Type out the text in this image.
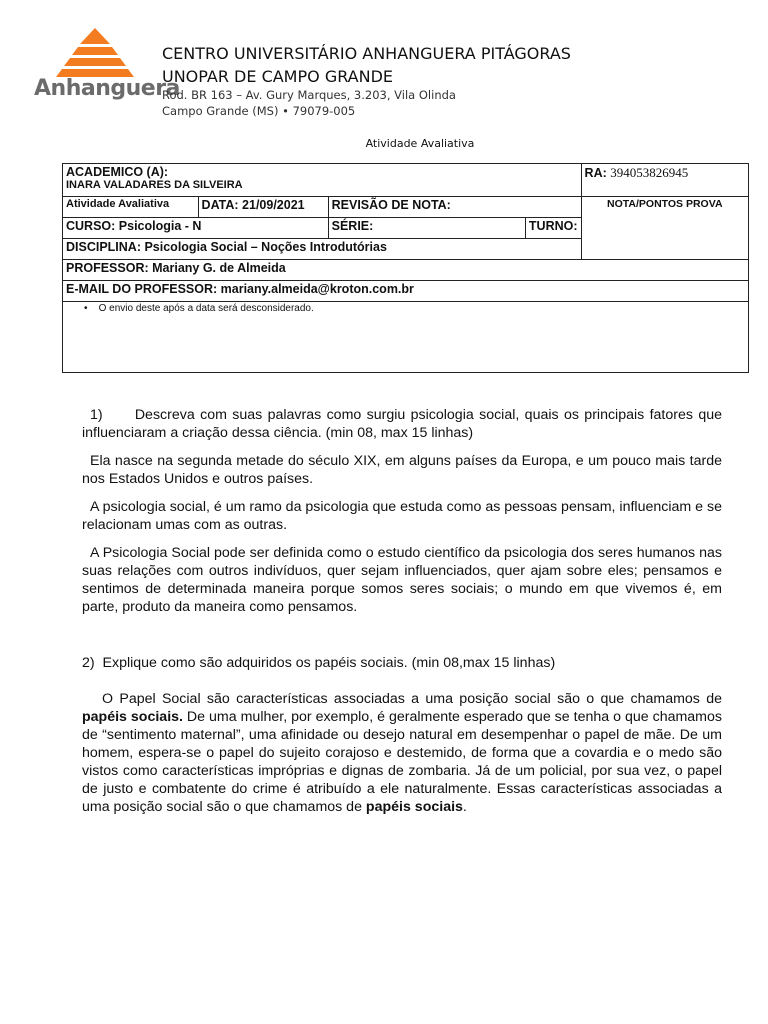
Anhanguera
CENTRO UNIVERSITÁRIO ANHANGUERA PITÁGORAS
UNOPAR DE CAMPO GRANDE
Rod. BR 163 – Av. Gury Marques, 3.203, Vila Olinda
Campo Grande (MS) • 79079-005
Atividade Avaliativa
ACADEMICO (A):
INARA VALADARES DA SILVEIRA				RA: 394053826945
Atividade Avaliativa	DATA: 21/09/2021	REVISÃO DE NOTA:		NOTA/PONTOS PROVA
CURSO: Psicologia - N		SÉRIE:	TURNO:	
DISCIPLINA: Psicologia Social – Noções Introdutórias				
PROFESSOR: Mariany G. de Almeida				
E-MAIL DO PROFESSOR: mariany.almeida@kroton.com.br				

•    O envio deste após a data será desconsiderado.				

1) Descreva com suas palavras como surgiu psicologia social, quais os principais fatores que influenciaram a criação dessa ciência. (min 08, max 15 linhas)

Ela nasce na segunda metade do século XIX, em alguns países da Europa, e um pouco mais tarde nos Estados Unidos e outros países.

A psicologia social, é um ramo da psicologia que estuda como as pessoas pensam, influenciam e se relacionam umas com as outras.

A Psicologia Social pode ser definida como o estudo científico da psicologia dos seres humanos nas suas relações com outros indivíduos, quer sejam influenciados, quer ajam sobre eles; pensamos e sentimos de determinada maneira porque somos seres sociais; o mundo em que vivemos é, em parte, produto da maneira como pensamos.

2) Explique como são adquiridos os papéis sociais. (min 08,max 15 linhas)

O Papel Social são características associadas a uma posição social são o que chamamos de papéis sociais. De uma mulher, por exemplo, é geralmente esperado que se tenha o que chamamos de “sentimento maternal”, uma afinidade ou desejo natural em desempenhar o papel de mãe. De um homem, espera-se o papel do sujeito corajoso e destemido, de forma que a covardia e o medo são vistos como características impróprias e dignas de zombaria. Já de um policial, por sua vez, o papel de justo e combatente do crime é atribuído a ele naturalmente. Essas características associadas a uma posição social são o que chamamos de papéis sociais.
